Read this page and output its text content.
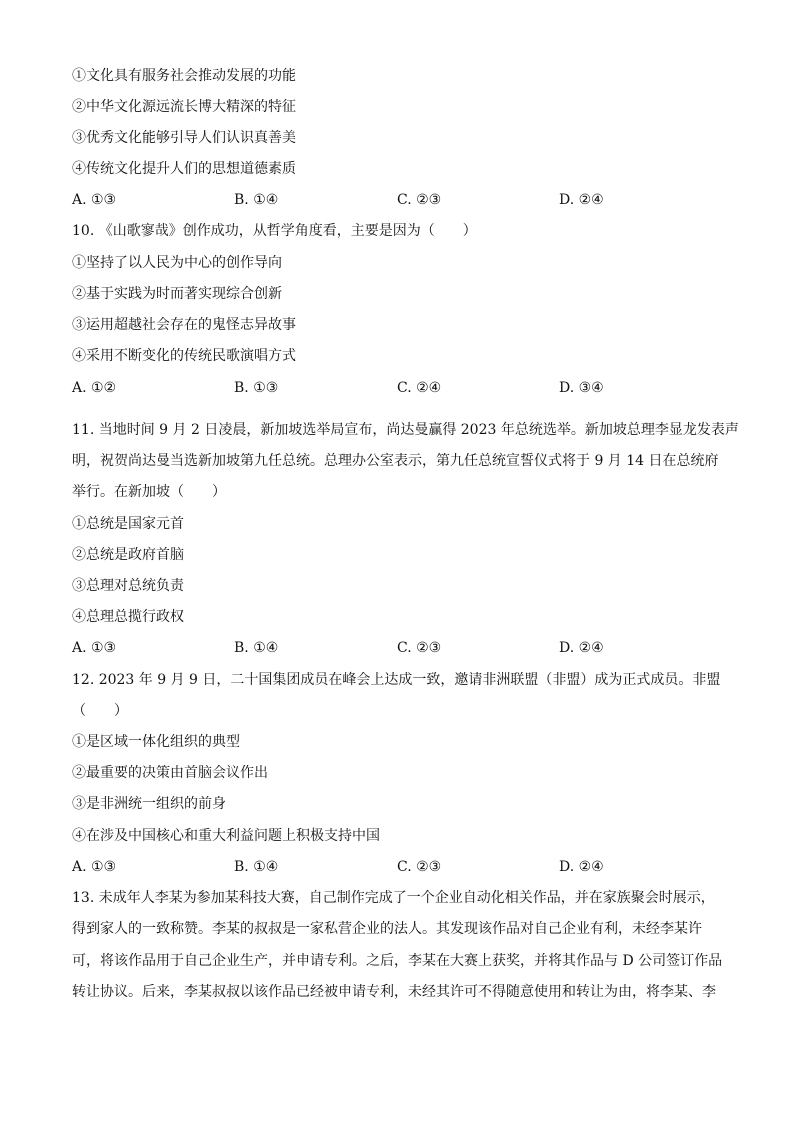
①文化具有服务社会推动发展的功能
②中华文化源远流长博大精深的特征
③优秀文化能够引导人们认识真善美
④传统文化提升人们的思想道德素质
A. ①③	B. ①④	C. ②③	D. ②④
10. 《山歌寥哉》创作成功，从哲学角度看，主要是因为（　　）
①坚持了以人民为中心的创作导向
②基于实践为时而著实现综合创新
③运用超越社会存在的鬼怪志异故事
④采用不断变化的传统民歌演唱方式
A. ①②	B. ①③	C. ②④	D. ③④
11. 当地时间 9 月 2 日凌晨，新加坡选举局宣布，尚达曼赢得 2023 年总统选举。新加坡总理李显龙发表声
明，祝贺尚达曼当选新加坡第九任总统。总理办公室表示，第九任总统宣誓仪式将于 9 月 14 日在总统府
举行。在新加坡（　　）
①总统是国家元首
②总统是政府首脑
③总理对总统负责
④总理总揽行政权
A. ①③	B. ①④	C. ②③	D. ②④
12. 2023 年 9 月 9 日，二十国集团成员在峰会上达成一致，邀请非洲联盟（非盟）成为正式成员。非盟
（　　）
①是区域一体化组织的典型
②最重要的决策由首脑会议作出
③是非洲统一组织的前身
④在涉及中国核心和重大利益问题上积极支持中国
A. ①③	B. ①④	C. ②③	D. ②④
13. 未成年人李某为参加某科技大赛，自己制作完成了一个企业自动化相关作品，并在家族聚会时展示，
得到家人的一致称赞。李某的叔叔是一家私营企业的法人。其发现该作品对自己企业有利，未经李某许
可，将该作品用于自己企业生产，并申请专利。之后，李某在大赛上获奖，并将其作品与 D 公司签订作品
转让协议。后来，李某叔叔以该作品已经被申请专利，未经其许可不得随意使用和转让为由，将李某、李
